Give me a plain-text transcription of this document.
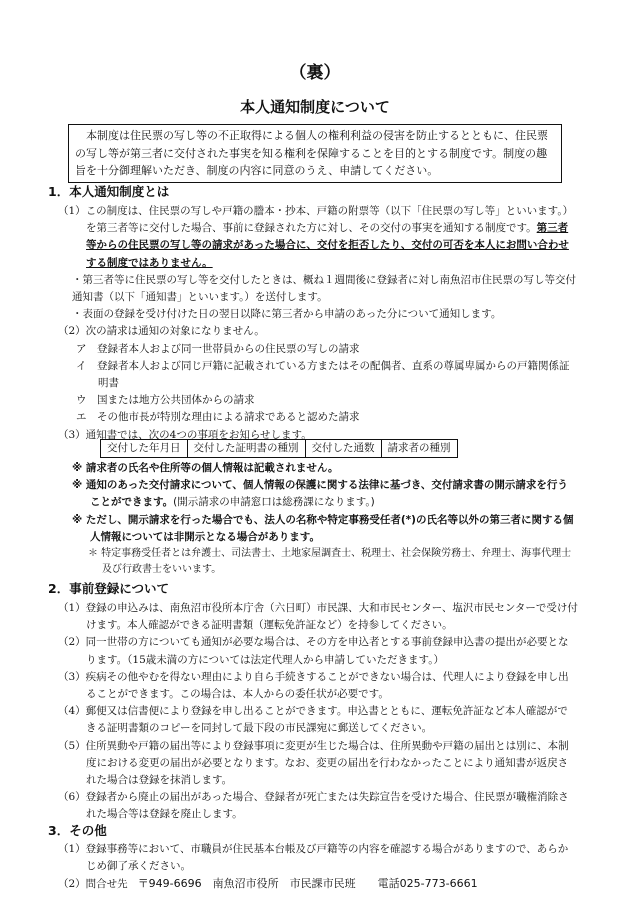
（裏）
本人通知制度について
本制度は住民票の写し等の不正取得による個人の権利利益の侵害を防止するとともに、住民票の写し等が第三者に交付された事実を知る権利を保障することを目的とする制度です。制度の趣旨を十分御理解いただき、制度の内容に同意のうえ、申請してください。
1．本人通知制度とは

（1）この制度は、住民票の写しや戸籍の謄本・抄本、戸籍の附票等（以下「住民票の写し等」といいます。）を第三者等に交付した場合、事前に登録された方に対し、その交付の事実を通知する制度です。第三者等からの住民票の写し等の請求があった場合に、交付を拒否したり、交付の可否を本人にお問い合わせする制度ではありません。

・第三者等に住民票の写し等を交付したときは、概ね１週間後に登録者に対し南魚沼市住民票の写し等交付通知書（以下「通知書」といいます。）を送付します。

・表面の登録を受け付けた日の翌日以降に第三者から申請のあった分について通知します。

（2）次の請求は通知の対象になりません。

ア　登録者本人および同一世帯員からの住民票の写しの請求

イ　登録者本人および同じ戸籍に記載されている方またはその配偶者、直系の尊属卑属からの戸籍関係証明書

ウ　国または地方公共団体からの請求

エ　その他市長が特別な理由による請求であると認めた請求

（3）通知書では、次の4つの事項をお知らせします。

交付した年月日	交付した証明書の種別	交付した通数	請求者の種別

※ 請求者の氏名や住所等の個人情報は記載されません。

※ 通知のあった交付請求について、個人情報の保護に関する法律に基づき、交付請求書の開示請求を行うことができます。(開示請求の申請窓口は総務課になります。)

※ ただし、開示請求を行った場合でも、法人の名称や特定事務受任者(*)の氏名等以外の第三者に関する個人情報については非開示となる場合があります。

＊ 特定事務受任者とは弁護士、司法書士、土地家屋調査士、税理士、社会保険労務士、弁理士、海事代理士及び行政書士をいいます。

2．事前登録について

（1）登録の申込みは、南魚沼市役所本庁舎（六日町）市民課、大和市民センター、塩沢市民センターで受け付けます。本人確認ができる証明書類（運転免許証など）を持参してください。

（2）同一世帯の方についても通知が必要な場合は、その方を申込者とする事前登録申込書の提出が必要となります。（15歳未満の方については法定代理人から申請していただきます。）

（3）疾病その他やむを得ない理由により自ら手続きすることができない場合は、代理人により登録を申し出ることができます。この場合は、本人からの委任状が必要です。

（4）郵便又は信書便により登録を申し出ることができます。申込書とともに、運転免許証など本人確認ができる証明書類のコピーを同封して最下段の市民課宛に郵送してください。

（5）住所異動や戸籍の届出等により登録事項に変更が生じた場合は、住所異動や戸籍の届出とは別に、本制度における変更の届出が必要となります。なお、変更の届出を行わなかったことにより通知書が返戻された場合は登録を抹消します。

（6）登録者から廃止の届出があった場合、登録者が死亡または失踪宣告を受けた場合、住民票が職権消除された場合等は登録を廃止します。

3．その他

（1）登録事務等において、市職員が住民基本台帳及び戸籍等の内容を確認する場合がありますので、あらかじめ御了承ください。

（2）問合せ先 〒949-6696　南魚沼市役所　市民課市民班　　電話025-773-6661
